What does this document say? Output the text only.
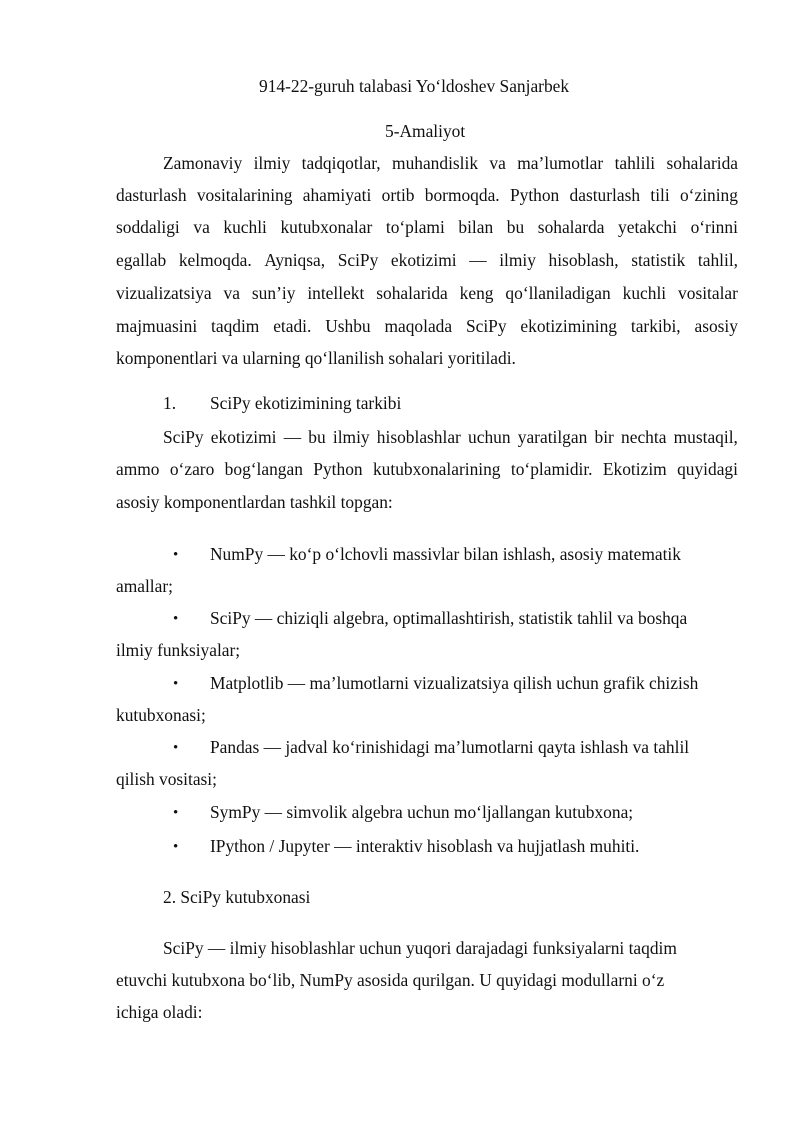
914-22-guruh talabasi Yo‘ldoshev Sanjarbek
5-Amaliyot
Zamonaviy ilmiy tadqiqotlar, muhandislik va ma’lumotlar tahlili sohalarida
dasturlash vositalarining ahamiyati ortib bormoqda. Python dasturlash tili o‘zining
soddaligi va kuchli kutubxonalar to‘plami bilan bu sohalarda yetakchi o‘rinni
egallab kelmoqda. Ayniqsa, SciPy ekotizimi — ilmiy hisoblash, statistik tahlil,
vizualizatsiya va sun’iy intellekt sohalarida keng qo‘llaniladigan kuchli vositalar
majmuasini taqdim etadi. Ushbu maqolada SciPy ekotizimining tarkibi, asosiy
komponentlari va ularning qo‘llanilish sohalari yoritiladi.
1. SciPy ekotizimining tarkibi
SciPy ekotizimi — bu ilmiy hisoblashlar uchun yaratilgan bir nechta mustaqil,
ammo o‘zaro bog‘langan Python kutubxonalarining to‘plamidir. Ekotizim quyidagi
asosiy komponentlardan tashkil topgan:
• NumPy — ko‘p o‘lchovli massivlar bilan ishlash, asosiy matematik
amallar;
• SciPy — chiziqli algebra, optimallashtirish, statistik tahlil va boshqa
ilmiy funksiyalar;
• Matplotlib — ma’lumotlarni vizualizatsiya qilish uchun grafik chizish
kutubxonasi;
• Pandas — jadval ko‘rinishidagi ma’lumotlarni qayta ishlash va tahlil
qilish vositasi;
• SymPy — simvolik algebra uchun mo‘ljallangan kutubxona;
• IPython / Jupyter — interaktiv hisoblash va hujjatlash muhiti.
2. SciPy kutubxonasi
SciPy — ilmiy hisoblashlar uchun yuqori darajadagi funksiyalarni taqdim
etuvchi kutubxona bo‘lib, NumPy asosida qurilgan. U quyidagi modullarni o‘z
ichiga oladi:
